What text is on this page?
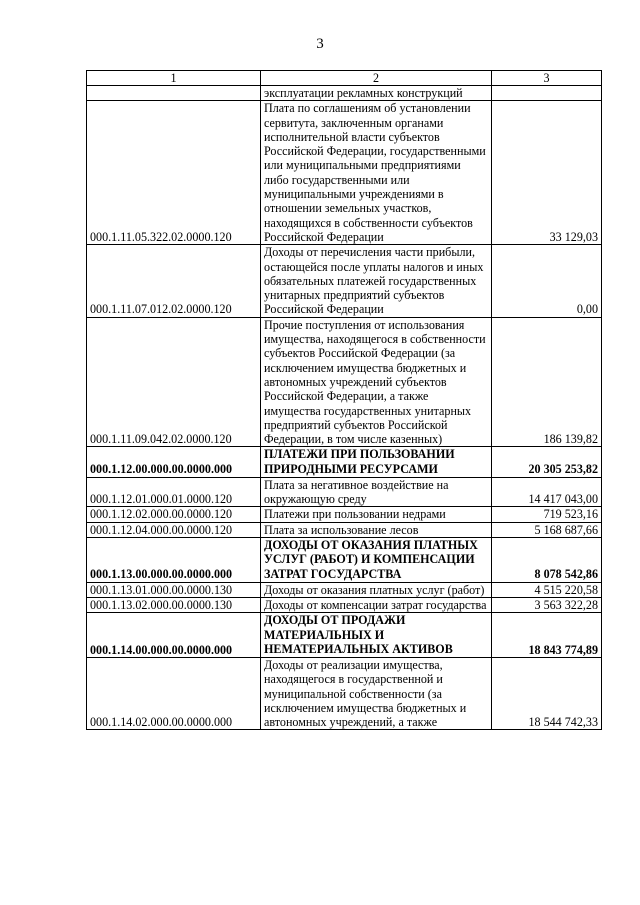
3
1	2	3
	эксплуатации рекламных конструкций	
000.1.11.05.322.02.0000.120	Плата по соглашениям об установлении сервитута, заключенным органами исполнительной власти субъектов Российской Федерации, государственными или муниципальными предприятиями либо государственными или муниципальными учреждениями в отношении земельных участков, находящихся в собственности субъектов Российской Федерации	33 129,03
000.1.11.07.012.02.0000.120	Доходы от перечисления части прибыли, остающейся после уплаты налогов и иных обязательных платежей государственных унитарных предприятий субъектов Российской Федерации	0,00
000.1.11.09.042.02.0000.120	Прочие поступления от использования имущества, находящегося в собственности субъектов Российской Федерации (за исключением имущества бюджетных и автономных учреждений субъектов Российской Федерации, а также имущества государственных унитарных предприятий субъектов Российской Федерации, в том числе казенных)	186 139,82
000.1.12.00.000.00.0000.000	ПЛАТЕЖИ ПРИ ПОЛЬЗОВАНИИ ПРИРОДНЫМИ РЕСУРСАМИ	20 305 253,82
000.1.12.01.000.01.0000.120	Плата за негативное воздействие на окружающую среду	14 417 043,00
000.1.12.02.000.00.0000.120	Платежи при пользовании недрами	719 523,16
000.1.12.04.000.00.0000.120	Плата за использование лесов	5 168 687,66
000.1.13.00.000.00.0000.000	ДОХОДЫ ОТ ОКАЗАНИЯ ПЛАТНЫХ УСЛУГ (РАБОТ) И КОМПЕНСАЦИИ ЗАТРАТ ГОСУДАРСТВА	8 078 542,86
000.1.13.01.000.00.0000.130	Доходы от оказания платных услуг (работ)	4 515 220,58
000.1.13.02.000.00.0000.130	Доходы от компенсации затрат государства	3 563 322,28
000.1.14.00.000.00.0000.000	ДОХОДЫ ОТ ПРОДАЖИ МАТЕРИАЛЬНЫХ И НЕМАТЕРИАЛЬНЫХ АКТИВОВ	18 843 774,89
000.1.14.02.000.00.0000.000	Доходы от реализации имущества, находящегося в государственной и муниципальной собственности (за исключением имущества бюджетных и автономных учреждений, а также	18 544 742,33
